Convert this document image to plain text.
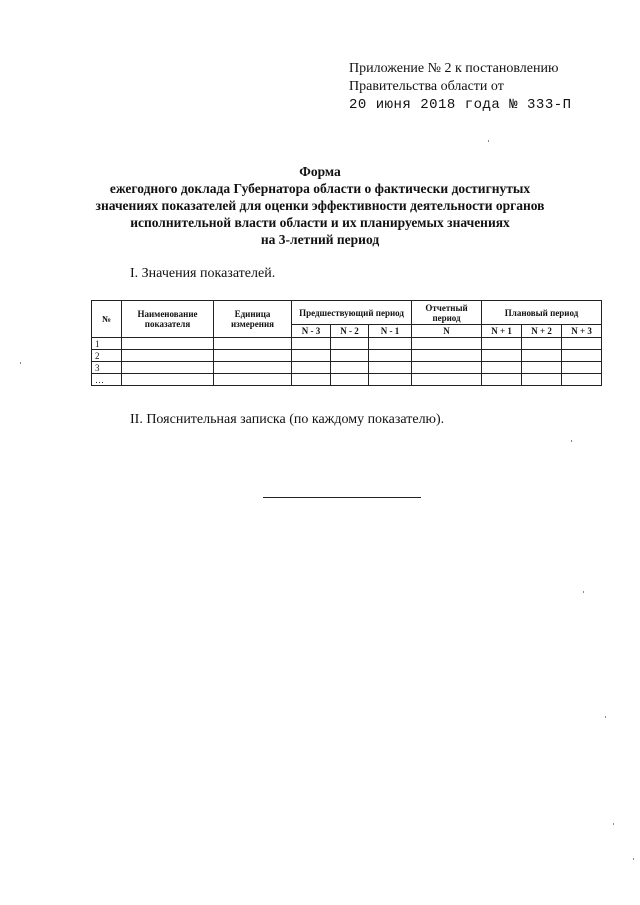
Приложение № 2 к постановлению
Правительства области от
20 июня 2018 года № 333-П
Форма
ежегодного доклада Губернатора области о фактически достигнутых
значениях показателей для оценки эффективности деятельности органов
исполнительной власти области и их планируемых значениях
на 3-летний период
I. Значения показателей.
№	Наименование показателя	Единица измерения	Предшествующий период			Отчетный период	Плановый период		
			N - 3	N - 2	N - 1	N	N + 1	N + 2	N + 3
1									
2									
3									
…									
II. Пояснительная записка (по каждому показателю).
